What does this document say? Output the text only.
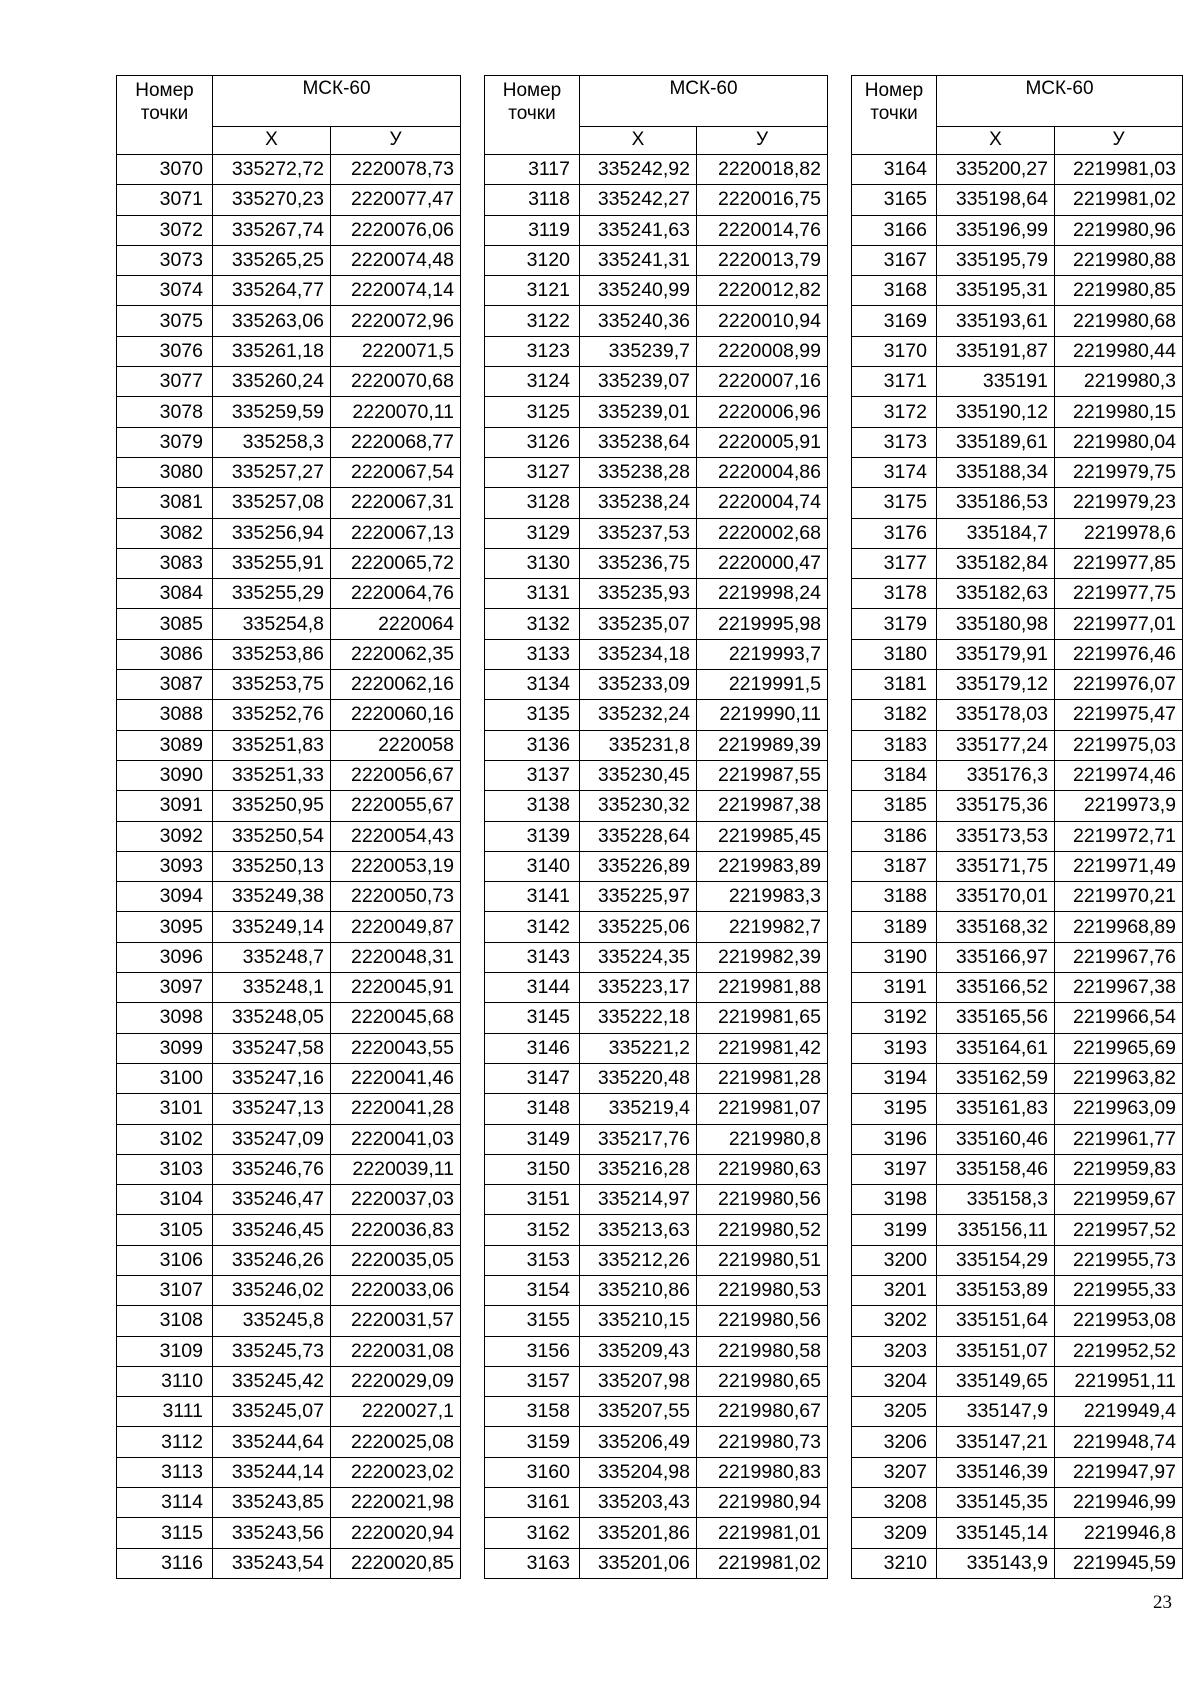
Номер точки	МСК-60	
	Х	У
3070	335272,72	2220078,73
3071	335270,23	2220077,47
3072	335267,74	2220076,06
3073	335265,25	2220074,48
3074	335264,77	2220074,14
3075	335263,06	2220072,96
3076	335261,18	2220071,5
3077	335260,24	2220070,68
3078	335259,59	2220070,11
3079	335258,3	2220068,77
3080	335257,27	2220067,54
3081	335257,08	2220067,31
3082	335256,94	2220067,13
3083	335255,91	2220065,72
3084	335255,29	2220064,76
3085	335254,8	2220064
3086	335253,86	2220062,35
3087	335253,75	2220062,16
3088	335252,76	2220060,16
3089	335251,83	2220058
3090	335251,33	2220056,67
3091	335250,95	2220055,67
3092	335250,54	2220054,43
3093	335250,13	2220053,19
3094	335249,38	2220050,73
3095	335249,14	2220049,87
3096	335248,7	2220048,31
3097	335248,1	2220045,91
3098	335248,05	2220045,68
3099	335247,58	2220043,55
3100	335247,16	2220041,46
3101	335247,13	2220041,28
3102	335247,09	2220041,03
3103	335246,76	2220039,11
3104	335246,47	2220037,03
3105	335246,45	2220036,83
3106	335246,26	2220035,05
3107	335246,02	2220033,06
3108	335245,8	2220031,57
3109	335245,73	2220031,08
3110	335245,42	2220029,09
3111	335245,07	2220027,1
3112	335244,64	2220025,08
3113	335244,14	2220023,02
3114	335243,85	2220021,98
3115	335243,56	2220020,94
3116	335243,54	2220020,85
Номер точки	МСК-60	
	Х	У
3117	335242,92	2220018,82
3118	335242,27	2220016,75
3119	335241,63	2220014,76
3120	335241,31	2220013,79
3121	335240,99	2220012,82
3122	335240,36	2220010,94
3123	335239,7	2220008,99
3124	335239,07	2220007,16
3125	335239,01	2220006,96
3126	335238,64	2220005,91
3127	335238,28	2220004,86
3128	335238,24	2220004,74
3129	335237,53	2220002,68
3130	335236,75	2220000,47
3131	335235,93	2219998,24
3132	335235,07	2219995,98
3133	335234,18	2219993,7
3134	335233,09	2219991,5
3135	335232,24	2219990,11
3136	335231,8	2219989,39
3137	335230,45	2219987,55
3138	335230,32	2219987,38
3139	335228,64	2219985,45
3140	335226,89	2219983,89
3141	335225,97	2219983,3
3142	335225,06	2219982,7
3143	335224,35	2219982,39
3144	335223,17	2219981,88
3145	335222,18	2219981,65
3146	335221,2	2219981,42
3147	335220,48	2219981,28
3148	335219,4	2219981,07
3149	335217,76	2219980,8
3150	335216,28	2219980,63
3151	335214,97	2219980,56
3152	335213,63	2219980,52
3153	335212,26	2219980,51
3154	335210,86	2219980,53
3155	335210,15	2219980,56
3156	335209,43	2219980,58
3157	335207,98	2219980,65
3158	335207,55	2219980,67
3159	335206,49	2219980,73
3160	335204,98	2219980,83
3161	335203,43	2219980,94
3162	335201,86	2219981,01
3163	335201,06	2219981,02
Номер точки	МСК-60	
	Х	У
3164	335200,27	2219981,03
3165	335198,64	2219981,02
3166	335196,99	2219980,96
3167	335195,79	2219980,88
3168	335195,31	2219980,85
3169	335193,61	2219980,68
3170	335191,87	2219980,44
3171	335191	2219980,3
3172	335190,12	2219980,15
3173	335189,61	2219980,04
3174	335188,34	2219979,75
3175	335186,53	2219979,23
3176	335184,7	2219978,6
3177	335182,84	2219977,85
3178	335182,63	2219977,75
3179	335180,98	2219977,01
3180	335179,91	2219976,46
3181	335179,12	2219976,07
3182	335178,03	2219975,47
3183	335177,24	2219975,03
3184	335176,3	2219974,46
3185	335175,36	2219973,9
3186	335173,53	2219972,71
3187	335171,75	2219971,49
3188	335170,01	2219970,21
3189	335168,32	2219968,89
3190	335166,97	2219967,76
3191	335166,52	2219967,38
3192	335165,56	2219966,54
3193	335164,61	2219965,69
3194	335162,59	2219963,82
3195	335161,83	2219963,09
3196	335160,46	2219961,77
3197	335158,46	2219959,83
3198	335158,3	2219959,67
3199	335156,11	2219957,52
3200	335154,29	2219955,73
3201	335153,89	2219955,33
3202	335151,64	2219953,08
3203	335151,07	2219952,52
3204	335149,65	2219951,11
3205	335147,9	2219949,4
3206	335147,21	2219948,74
3207	335146,39	2219947,97
3208	335145,35	2219946,99
3209	335145,14	2219946,8
3210	335143,9	2219945,59
23
